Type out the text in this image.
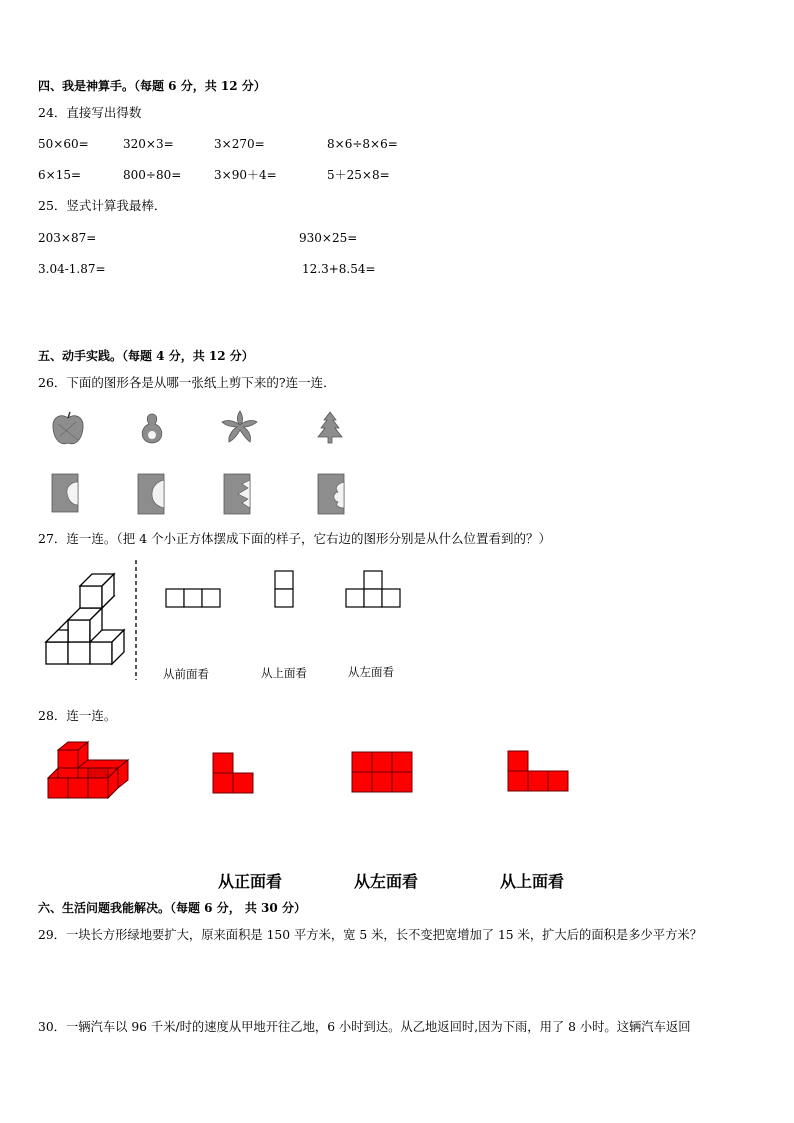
四、我是神算手。（每题 6 分，共 12 分）
24．直接写出得数
50×60=	320×3=	3×270=	8×6÷8×6=
6×15=	800÷80=	3×90＋4=	5＋25×8=
25．竖式计算我最棒．
203×87=	930×25=
3.04-1.87=	12.3+8.54=
五、动手实践。（每题 4 分，共 12 分）
26．下面的图形各是从哪一张纸上剪下来的?连一连．
27．连一连。（把 4 个小正方体摆成下面的样子，它右边的图形分别是从什么位置看到的？）
从前面看	从上面看	从左面看
28．连一连。
从正面看	从左面看	从上面看
六、生活问题我能解决。（每题 6 分， 共 30 分）
29．一块长方形绿地要扩大，原来面积是 150 平方米，宽 5 米，长不变把宽增加了 15 米，扩大后的面积是多少平方米？
30．一辆汽车以 96 千米/时的速度从甲地开往乙地，6 小时到达。从乙地返回时,因为下雨，用了 8 小时。这辆汽车返回
